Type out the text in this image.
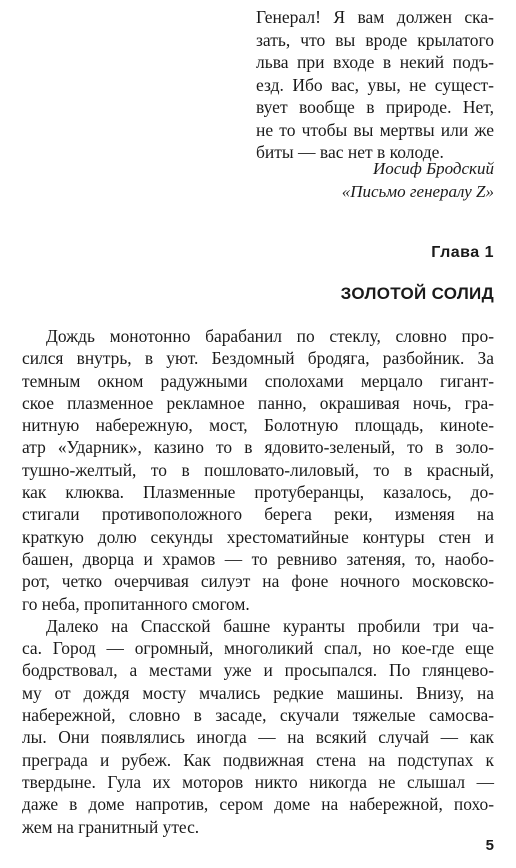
Генерал! Я вам должен ска-
зать, что вы вроде крылатого
льва при входе в некий подъ-
езд. Ибо вас, увы, не сущест-
вует вообще в природе. Нет,
не то чтобы вы мертвы или же
биты — вас нет в колоде.
Иосиф Бродский
«Письмо генералу Z»
Глава 1
ЗОЛОТОЙ СОЛИД
Дождь монотонно барабанил по стеклу, словно про-
сился внутрь, в уют. Бездомный бродяга, разбойник. За
темным окном радужными сполохами мерцало гигант-
ское плазменное рекламное панно, окрашивая ночь, гра-
нитную набережную, мост, Болотную площадь, кинote-
атр «Ударник», казино то в ядовито-зеленый, то в золо-
тушно-желтый, то в пошловато-лиловый, то в красный,
как клюква. Плазменные протуберанцы, казалось, до-
стигали противоположного берега реки, изменяя на
краткую долю секунды хрестоматийные контуры стен и
башен, дворца и храмов — то ревниво затеняя, то, наобо-
рот, четко очерчивая силуэт на фоне ночного московско-
го неба, пропитанного смогом.
Далеко на Спасской башне куранты пробили три ча-
са. Город — огромный, многоликий спал, но кое-где еще
бодрствовал, а местами уже и просыпался. По глянцево-
му от дождя мосту мчались редкие машины. Внизу, на
набережной, словно в засаде, скучали тяжелые самосва-
лы. Они появлялись иногда — на всякий случай — как
преграда и рубеж. Как подвижная стена на подступах к
твердыне. Гула их моторов никто никогда не слышал —
даже в доме напротив, сером доме на набережной, похо-
жем на гранитный утес.
5
